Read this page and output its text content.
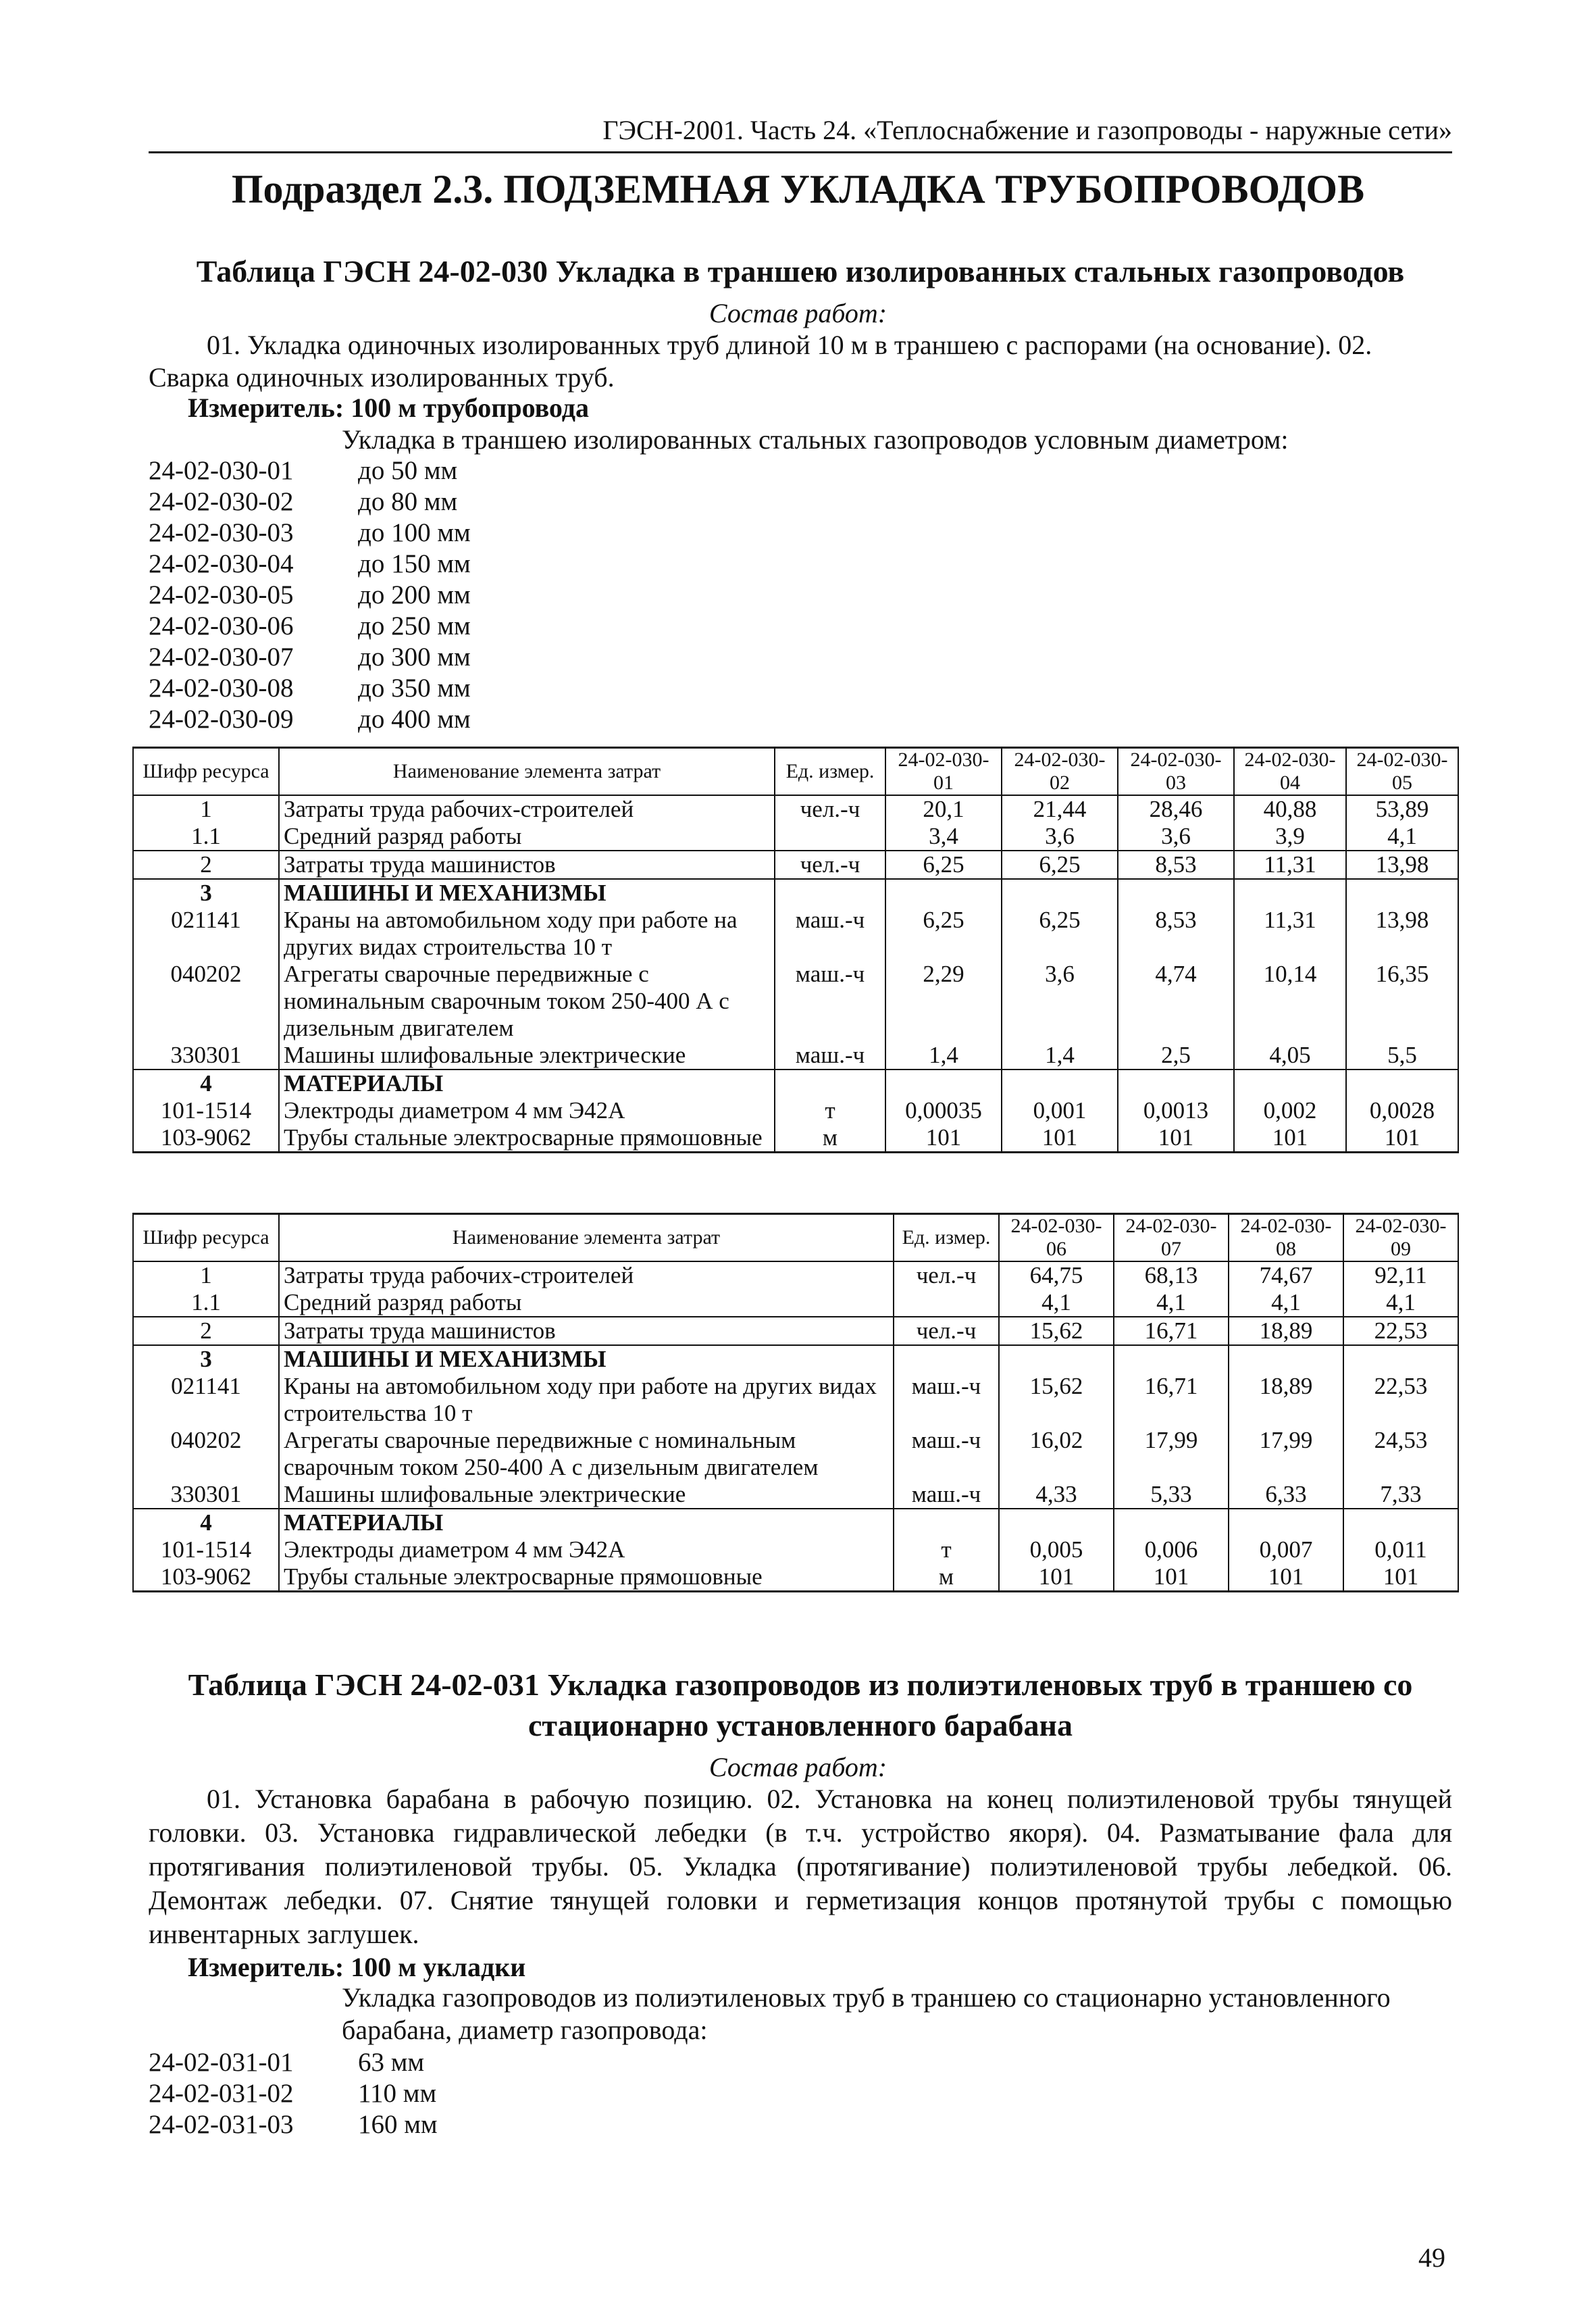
ГЭСН-2001. Часть 24. «Теплоснабжение и газопроводы - наружные сети»
Подраздел 2.3. ПОДЗЕМНАЯ УКЛАДКА ТРУБОПРОВОДОВ
Таблица ГЭСН 24-02-030 Укладка в траншею изолированных стальных газопроводов
Состав работ:
01. Укладка одиночных изолированных труб длиной 10 м в траншею с распорами (на основание). 02.
Сварка одиночных изолированных труб.
Измеритель: 100 м трубопровода
Укладка в траншею изолированных стальных газопроводов условным диаметром:
24-02-030-01 до 50 мм
24-02-030-02 до 80 мм
24-02-030-03 до 100 мм
24-02-030-04 до 150 мм
24-02-030-05 до 200 мм
24-02-030-06 до 250 мм
24-02-030-07 до 300 мм
24-02-030-08 до 350 мм
24-02-030-09 до 400 мм
Шифр ресурса	Наименование элемента затрат	Ед. измер.	24-02-030-01	24-02-030-02	24-02-030-03	24-02-030-04	24-02-030-05
1	Затраты труда рабочих-строителей	чел.-ч	20,1	21,44	28,46	40,88	53,89
1.1	Средний разряд работы		3,4	3,6	3,6	3,9	4,1
2	Затраты труда машинистов	чел.-ч	6,25	6,25	8,53	11,31	13,98
3	МАШИНЫ И МЕХАНИЗМЫ						
021141	Краны на автомобильном ходу при работе на других видах строительства 10 т	маш.-ч	6,25	6,25	8,53	11,31	13,98
040202	Агрегаты сварочные передвижные с номинальным сварочным током 250-400 А с дизельным двигателем	маш.-ч	2,29	3,6	4,74	10,14	16,35
330301	Машины шлифовальные электрические	маш.-ч	1,4	1,4	2,5	4,05	5,5
4	МАТЕРИАЛЫ						
101-1514	Электроды диаметром 4 мм Э42А	т	0,00035	0,001	0,0013	0,002	0,0028
103-9062	Трубы стальные электросварные прямошовные	м	101	101	101	101	101
Шифр ресурса	Наименование элемента затрат	Ед. измер.	24-02-030-06	24-02-030-07	24-02-030-08	24-02-030-09
1	Затраты труда рабочих-строителей	чел.-ч	64,75	68,13	74,67	92,11
1.1	Средний разряд работы		4,1	4,1	4,1	4,1
2	Затраты труда машинистов	чел.-ч	15,62	16,71	18,89	22,53
3	МАШИНЫ И МЕХАНИЗМЫ					
021141	Краны на автомобильном ходу при работе на других видах строительства 10 т	маш.-ч	15,62	16,71	18,89	22,53
040202	Агрегаты сварочные передвижные с номинальным сварочным током 250-400 А с дизельным двигателем	маш.-ч	16,02	17,99	17,99	24,53
330301	Машины шлифовальные электрические	маш.-ч	4,33	5,33	6,33	7,33
4	МАТЕРИАЛЫ					
101-1514	Электроды диаметром 4 мм Э42А	т	0,005	0,006	0,007	0,011
103-9062	Трубы стальные электросварные прямошовные	м	101	101	101	101
Таблица ГЭСН 24-02-031 Укладка газопроводов из полиэтиленовых труб в траншею со
стационарно установленного барабана
Состав работ:
01. Установка барабана в рабочую позицию. 02. Установка на конец полиэтиленовой трубы тянущей головки. 03. Установка гидравлической лебедки (в т.ч. устройство якоря). 04. Разматывание фала для протягивания полиэтиленовой трубы. 05. Укладка (протягивание) полиэтиленовой трубы лебедкой. 06. Демонтаж лебедки. 07. Снятие тянущей головки и герметизация концов протянутой трубы с помощью инвентарных заглушек.
Измеритель: 100 м укладки
Укладка газопроводов из полиэтиленовых труб в траншею со стационарно установленного
барабана, диаметр газопровода:
24-02-031-01 63 мм
24-02-031-02 110 мм
24-02-031-03 160 мм
49
